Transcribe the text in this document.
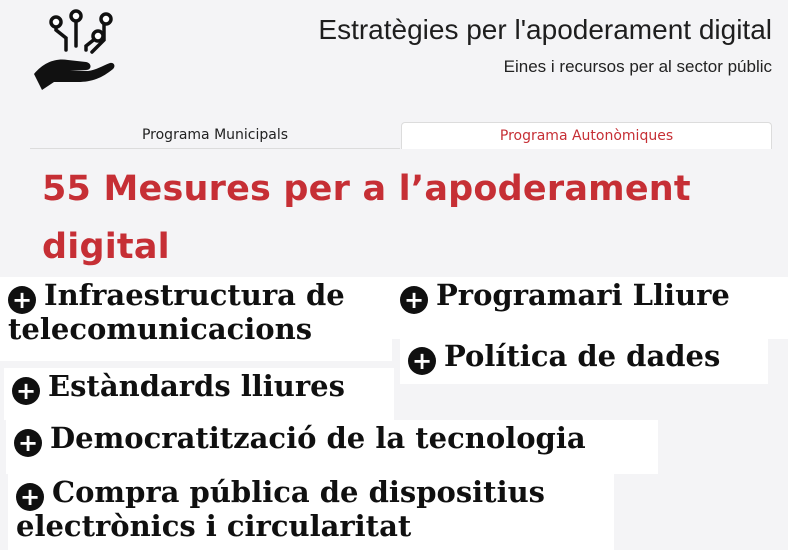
Estratègies per l'apoderament digital
Eines i recursos per al sector públic
Programa Municipals	Programa Autonòmiques
55 Mesures per a l’apoderament digital
+ Infraestructura de telecomunicacions
+ Programari Lliure
+ Política de dades
+ Estàndards lliures
+ Democratització de la tecnologia
+ Compra pública de dispositius electrònics i circularitat
